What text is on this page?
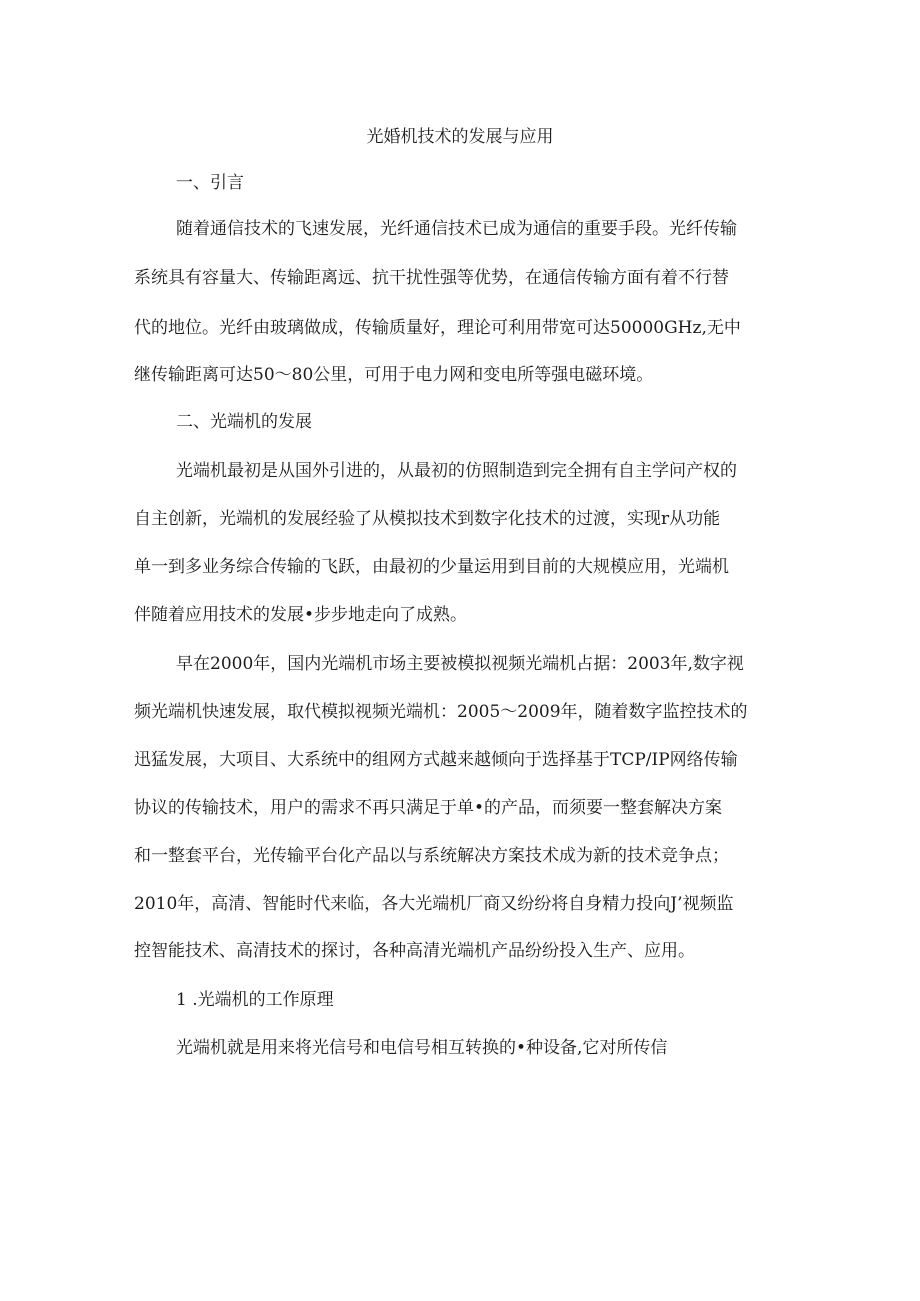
光婚机技术的发展与应用
一、引言
随着通信技术的飞速发展，光纤通信技术已成为通信的重要手段。光纤传输
系统具有容量大、传输距离远、抗干扰性强等优势，在通信传输方面有着不行替
代的地位。光纤由玻璃做成，传输质量好，理论可利用带宽可达50000GHz,无中
继传输距离可达50～80公里，可用于电力网和变电所等强电磁环境。
二、光端机的发展
光端机最初是从国外引进的，从最初的仿照制造到完全拥有自主学问产权的
自主创新，光端机的发展经验了从模拟技术到数字化技术的过渡，实现r从功能
单一到多业务综合传输的飞跃，由最初的少量运用到目前的大规模应用，光端机
伴随着应用技术的发展•步步地走向了成熟。
早在2000年，国内光端机市场主要被模拟视频光端机占据：2003年,数字视
频光端机快速发展，取代模拟视频光端机：2005～2009年，随着数字监控技术的
迅猛发展，大项目、大系统中的组网方式越来越倾向于选择基于TCP/IP网络传输
协议的传输技术，用户的需求不再只满足于单•的产品，而须要一整套解决方案
和一整套平台，光传输平台化产品以与系统解决方案技术成为新的技术竞争点；
2010年，高清、智能时代来临，各大光端机厂商又纷纷将自身精力投向J’视频监
控智能技术、高清技术的探讨，各种高清光端机产品纷纷投入生产、应用。
1 .光端机的工作原理
光端机就是用来将光信号和电信号相互转换的•种设备,它对所传信
